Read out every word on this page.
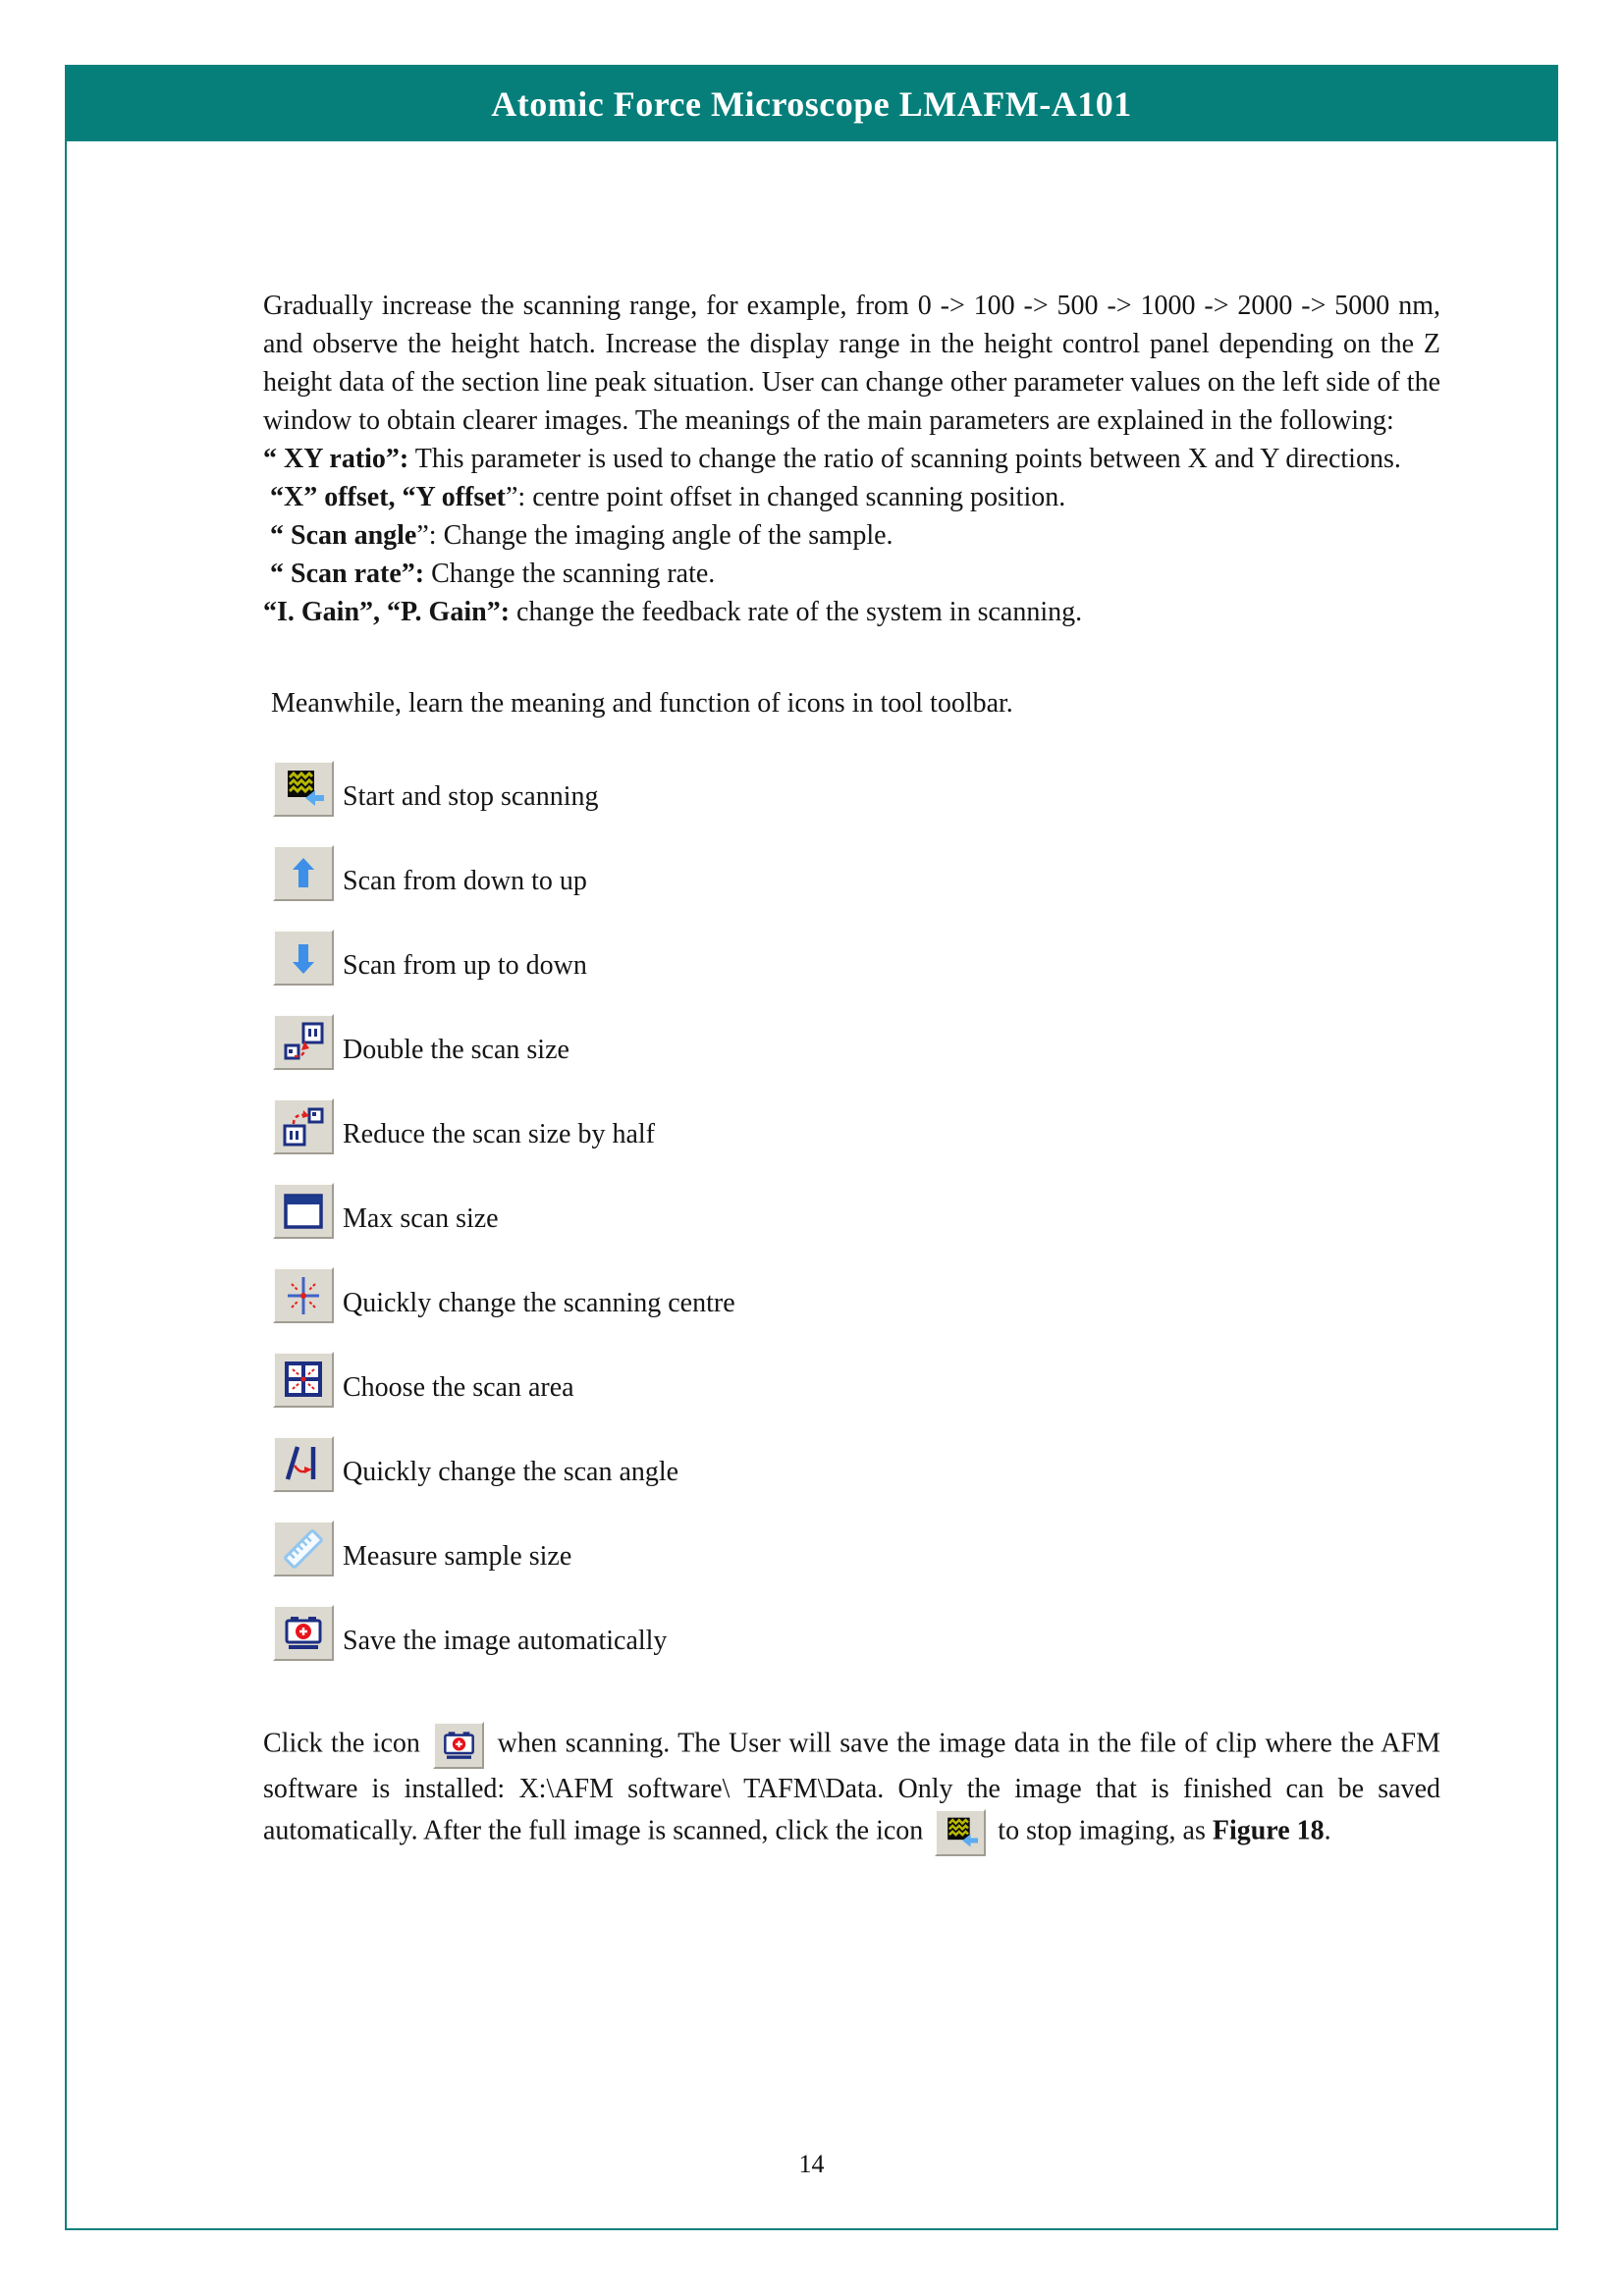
Atomic Force Microscope LMAFM-A101
Gradually increase the scanning range, for example, from 0 -> 100 -> 500 -> 1000 -> 2000 -> 5000 nm, and observe the height hatch. Increase the display range in the height control panel depending on the Z height data of the section line peak situation. User can change other parameter values on the left side of the window to obtain clearer images. The meanings of the main parameters are explained in the following:
“ XY ratio”: This parameter is used to change the ratio of scanning points between X and Y directions.
“X” offset, “Y offset”: centre point offset in changed scanning position.
“ Scan angle”: Change the imaging angle of the sample.
“ Scan rate”: Change the scanning rate.
“I. Gain”, “P. Gain”: change the feedback rate of the system in scanning.
Meanwhile, learn the meaning and function of icons in tool toolbar.
Start and stop scanning
Scan from down to up
Scan from up to down
Double the scan size
Reduce the scan size by half
Max scan size
Quickly change the scanning centre
Choose the scan area
Quickly change the scan angle
Measure sample size
Save the image automatically
Click the icon
when scanning. The User will save the image data in the file of clip where the AFM software is installed: X:\AFM software\ TAFM\Data. Only the image that is finished can be saved automatically. After the full image is scanned, click the icon
to stop imaging, as Figure 18.
14
